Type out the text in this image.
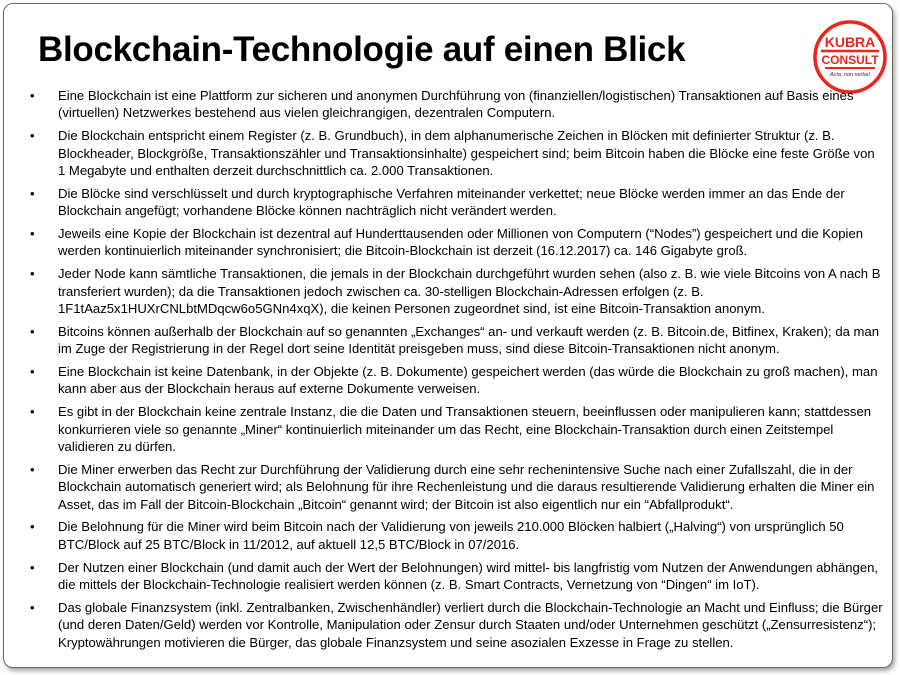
Blockchain-Technologie auf einen Blick	KUBRA
CONSULT
Acta, non verba!
• Eine Blockchain ist eine Plattform zur sicheren und anonymen Durchführung von (finanziellen/logistischen) Transaktionen auf Basis eines (virtuellen) Netzwerkes bestehend aus vielen gleichrangigen, dezentralen Computern.
• Die Blockchain entspricht einem Register (z. B. Grundbuch), in dem alphanumerische Zeichen in Blöcken mit definierter Struktur (z. B. Blockheader, Blockgröße, Transaktionszähler und Transaktionsinhalte) gespeichert sind; beim Bitcoin haben die Blöcke eine feste Größe von 1 Megabyte und enthalten derzeit durchschnittlich ca. 2.000 Transaktionen.
• Die Blöcke sind verschlüsselt und durch kryptographische Verfahren miteinander verkettet; neue Blöcke werden immer an das Ende der Blockchain angefügt; vorhandene Blöcke können nachträglich nicht verändert werden.
• Jeweils eine Kopie der Blockchain ist dezentral auf Hunderttausenden oder Millionen von Computern (“Nodes”) gespeichert und die Kopien werden kontinuierlich miteinander synchronisiert; die Bitcoin-Blockchain ist derzeit (16.12.2017) ca. 146 Gigabyte groß.
• Jeder Node kann sämtliche Transaktionen, die jemals in der Blockchain durchgeführt wurden sehen (also z. B. wie viele Bitcoins von A nach B transferiert wurden); da die Transaktionen jedoch zwischen ca. 30-stelligen Blockchain-Adressen erfolgen (z. B. 1F1tAaz5x1HUXrCNLbtMDqcw6o5GNn4xqX), die keinen Personen zugeordnet sind, ist eine Bitcoin-Transaktion anonym.
• Bitcoins können außerhalb der Blockchain auf so genannten „Exchanges“ an- und verkauft werden (z. B. Bitcoin.de, Bitfinex, Kraken); da man im Zuge der Registrierung in der Regel dort seine Identität preisgeben muss, sind diese Bitcoin-Transaktionen nicht anonym.
• Eine Blockchain ist keine Datenbank, in der Objekte (z. B. Dokumente) gespeichert werden (das würde die Blockchain zu groß machen), man kann aber aus der Blockchain heraus auf externe Dokumente verweisen.
• Es gibt in der Blockchain keine zentrale Instanz, die die Daten und Transaktionen steuern, beeinflussen oder manipulieren kann; stattdessen konkurrieren viele so genannte „Miner“ kontinuierlich miteinander um das Recht, eine Blockchain-Transaktion durch einen Zeitstempel validieren zu dürfen.
• Die Miner erwerben das Recht zur Durchführung der Validierung durch eine sehr rechenintensive Suche nach einer Zufallszahl, die in der Blockchain automatisch generiert wird; als Belohnung für ihre Rechenleistung und die daraus resultierende Validierung erhalten die Miner ein Asset, das im Fall der Bitcoin-Blockchain „Bitcoin“ genannt wird; der Bitcoin ist also eigentlich nur ein “Abfallprodukt“.
• Die Belohnung für die Miner wird beim Bitcoin nach der Validierung von jeweils 210.000 Blöcken halbiert („Halving“) von ursprünglich 50 BTC/Block auf 25 BTC/Block in 11/2012, auf aktuell 12,5 BTC/Block in 07/2016.
• Der Nutzen einer Blockchain (und damit auch der Wert der Belohnungen) wird mittel- bis langfristig vom Nutzen der Anwendungen abhängen, die mittels der Blockchain-Technologie realisiert werden können (z. B. Smart Contracts, Vernetzung von “Dingen“ im IoT).
• Das globale Finanzsystem (inkl. Zentralbanken, Zwischenhändler) verliert durch die Blockchain-Technologie an Macht und Einfluss; die Bürger (und deren Daten/Geld) werden vor Kontrolle, Manipulation oder Zensur durch Staaten und/oder Unternehmen geschützt („Zensurresistenz“); Kryptowährungen motivieren die Bürger, das globale Finanzsystem und seine asozialen Exzesse in Frage zu stellen.
